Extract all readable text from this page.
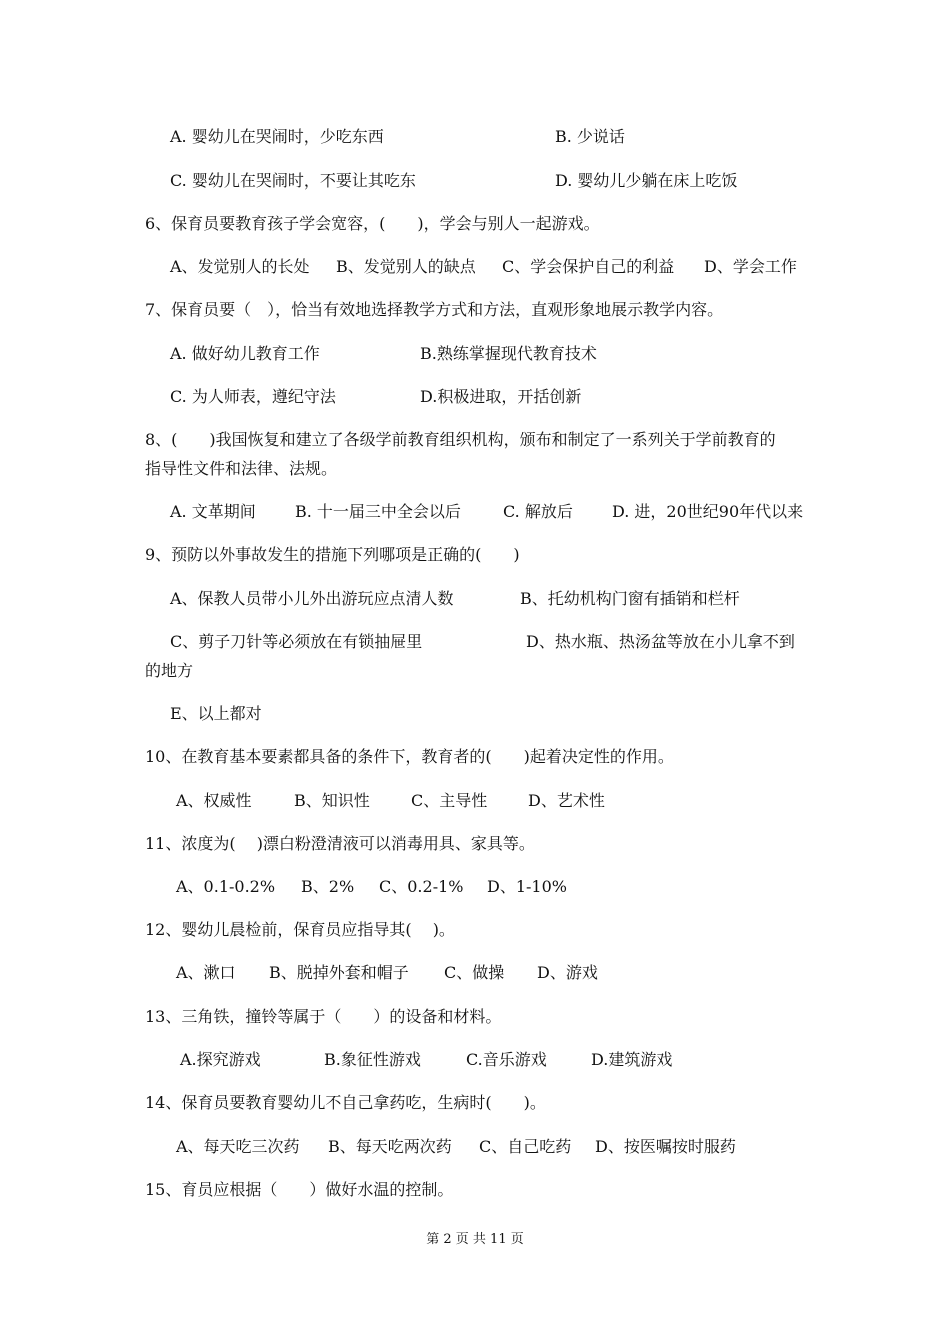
A. 婴幼儿在哭闹时，少吃东西	B. 少说话
C. 婴幼儿在哭闹时，不要让其吃东	D. 婴幼儿少躺在床上吃饭
6、保育员要教育孩子学会宽容，(　　)，学会与别人一起游戏。
A、发觉别人的长处 B、发觉别人的缺点 C、学会保护自己的利益 D、学会工作
7、保育员要（　），恰当有效地选择教学方式和方法，直观形象地展示教学内容。
A. 做好幼儿教育工作	B.熟练掌握现代教育技术
C. 为人师表，遵纪守法	D.积极进取，开括创新
8、(　　)我国恢复和建立了各级学前教育组织机构，颁布和制定了一系列关于学前教育的
指导性文件和法律、法规。
A. 文革期间 B. 十一届三中全会以后	C. 解放后 D. 进，20世纪90年代以来
9、预防以外事故发生的措施下列哪项是正确的(　　)
A、保教人员带小儿外出游玩应点清人数	B、托幼机构门窗有插销和栏杆
C、剪子刀针等必须放在有锁抽屉里	D、热水瓶、热汤盆等放在小儿拿不到
的地方
E、以上都对
10、在教育基本要素都具备的条件下，教育者的(　　)起着决定性的作用。
A、权威性	B、知识性	C、主导性	D、艺术性
11、浓度为(　 )漂白粉澄清液可以消毒用具、家具等。
A、0.1-0.2% B、2% C、0.2-1% D、1-10%
12、婴幼儿晨检前，保育员应指导其(　 )。
A、漱口 B、脱掉外套和帽子 C、做操 D、游戏
13、三角铁，撞铃等属于（　　）的设备和材料。
A.探究游戏	B.象征性游戏	C.音乐游戏	D.建筑游戏
14、保育员要教育婴幼儿不自己拿药吃，生病时(　　)。
A、每天吃三次药 B、每天吃两次药 C、自己吃药 D、按医嘱按时服药
15、育员应根据（　　）做好水温的控制。
第 2 页 共 11 页
